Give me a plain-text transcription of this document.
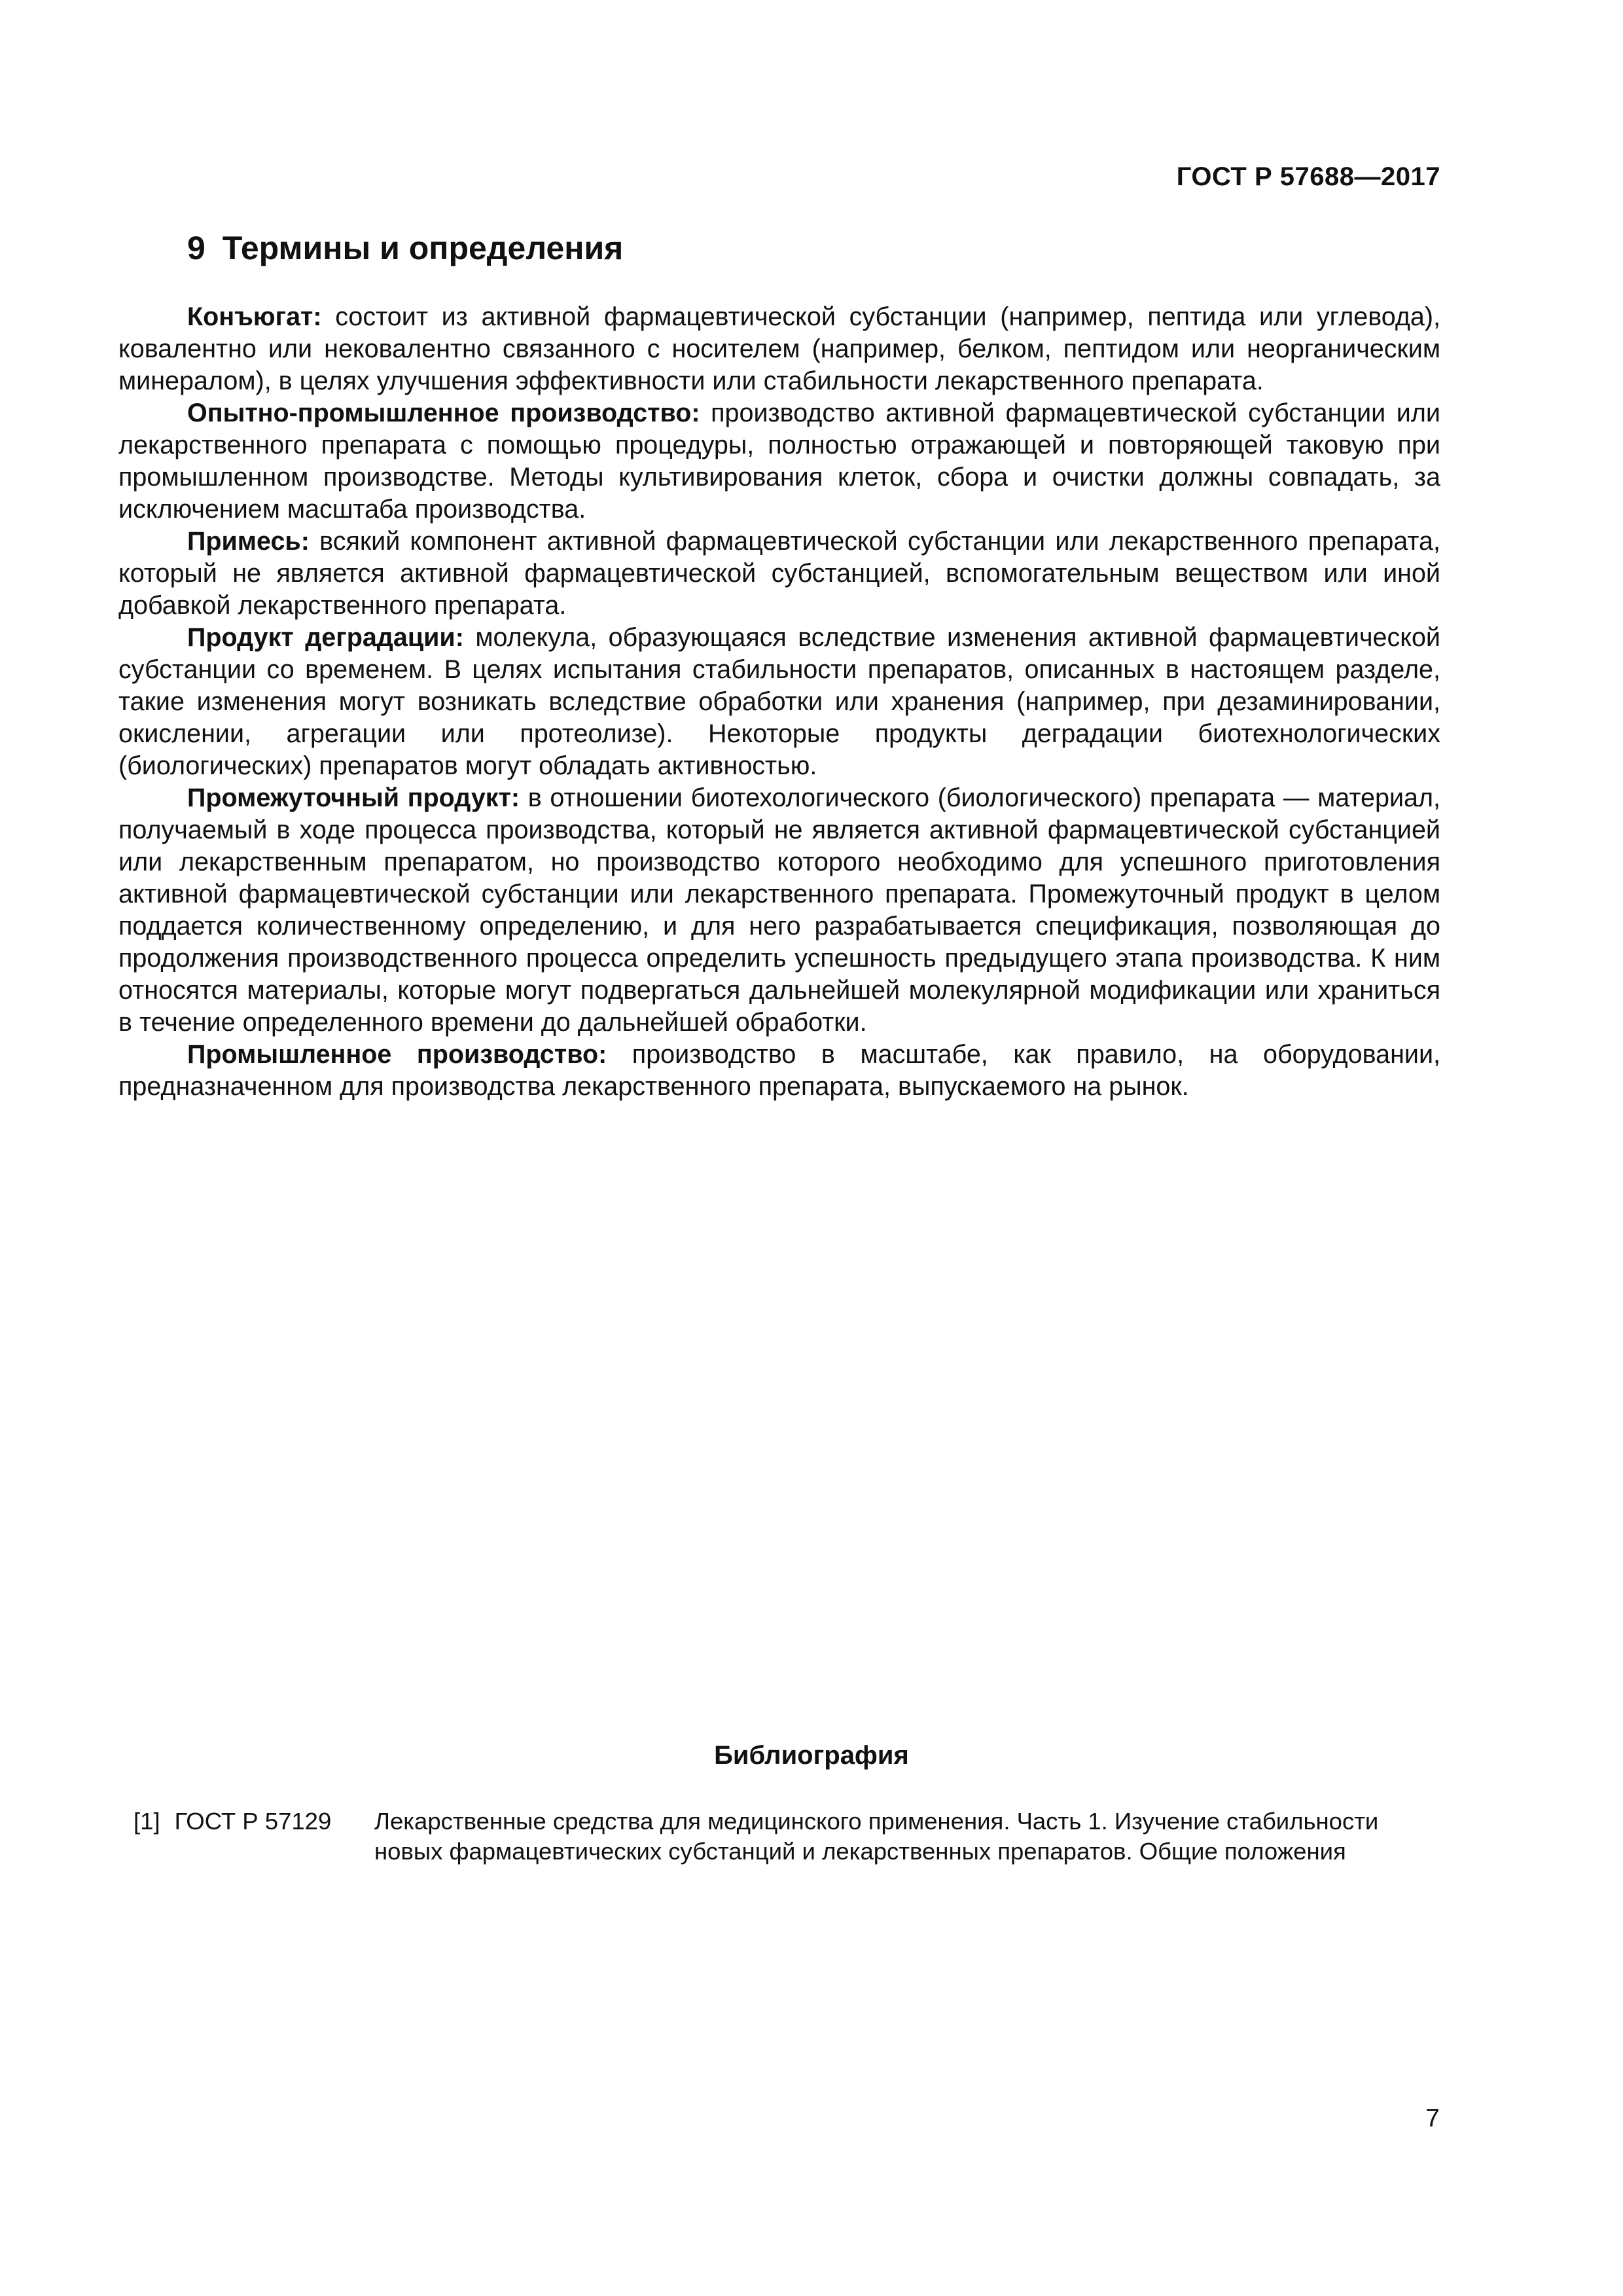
ГОСТ Р 57688—2017
9 Термины и определения

Конъюгат: состоит из активной фармацевтической субстанции (например, пептида или углевода), ковалентно или нековалентно связанного с носителем (например, белком, пептидом или неорганическим минералом), в целях улучшения эффективности или стабильности лекарственного препарата.

Опытно-промышленное производство: производство активной фармацевтической субстанции или лекарственного препарата с помощью процедуры, полностью отражающей и повторяющей таковую при промышленном производстве. Методы культивирования клеток, сбора и очистки должны совпадать, за исключением масштаба производства.

Примесь: всякий компонент активной фармацевтической субстанции или лекарственного препарата, который не является активной фармацевтической субстанцией, вспомогательным веществом или иной добавкой лекарственного препарата.

Продукт деградации: молекула, образующаяся вследствие изменения активной фармацевтической субстанции со временем. В целях испытания стабильности препаратов, описанных в настоящем разделе, такие изменения могут возникать вследствие обработки или хранения (например, при дезаминировании, окислении, агрегации или протеолизе). Некоторые продукты деградации биотехнологических (биологических) препаратов могут обладать активностью.

Промежуточный продукт: в отношении биотехологического (биологического) препарата — материал, получаемый в ходе процесса производства, который не является активной фармацевтической субстанцией или лекарственным препаратом, но производство которого необходимо для успешного приготовления активной фармацевтической субстанции или лекарственного препарата. Промежуточный продукт в целом поддается количественному определению, и для него разрабатывается спецификация, позволяющая до продолжения производственного процесса определить успешность предыдущего этапа производства. К ним относятся материалы, которые могут подвергаться дальнейшей молекулярной модификации или храниться в течение определенного времени до дальнейшей обработки.

Промышленное производство: производство в масштабе, как правило, на оборудовании, предназначенном для производства лекарственного препарата, выпускаемого на рынок.

Библиография
[1] ГОСТ Р 57129	Лекарственные средства для медицинского применения. Часть 1. Изучение стабильности новых фармацевтических субстанций и лекарственных препаратов. Общие положения
7
